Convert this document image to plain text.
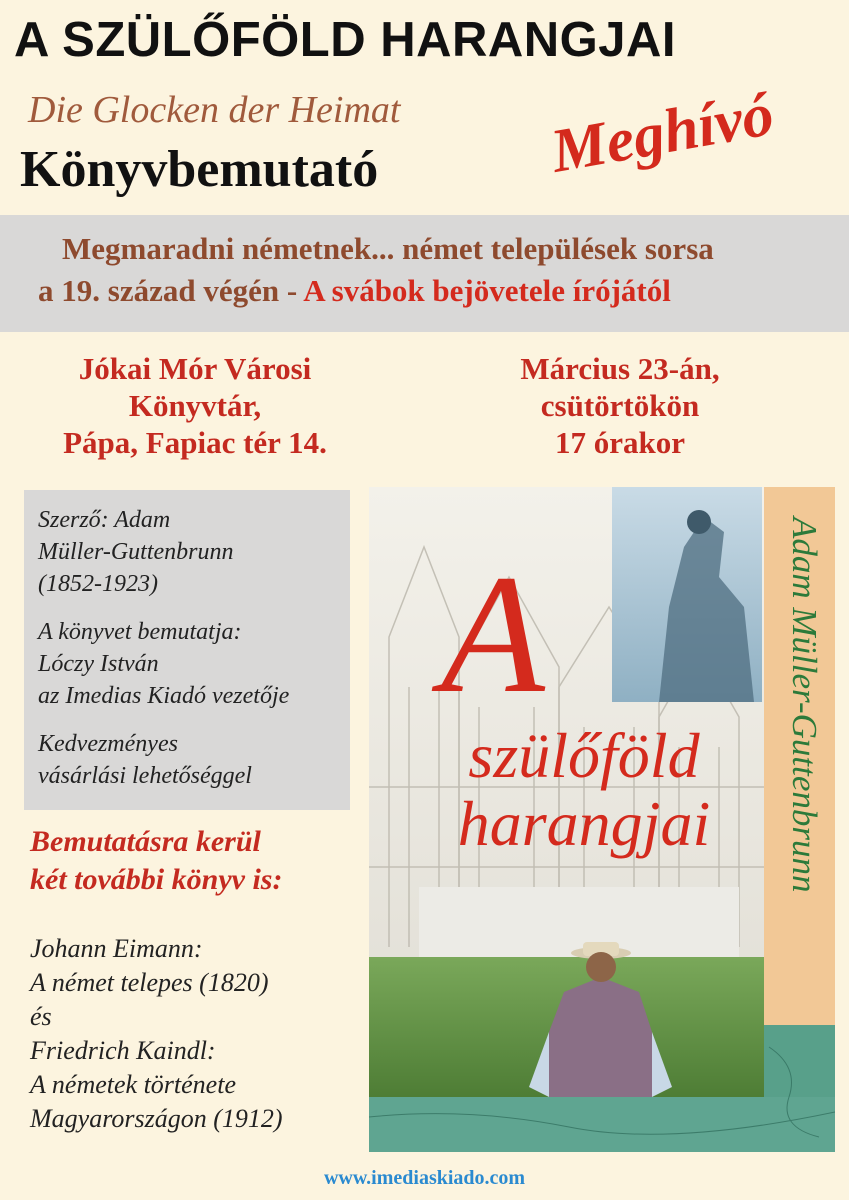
A SZÜLŐFÖLD HARANGJAI
Die Glocken der Heimat
Könyvbemutató	Meghívó
Megmaradni németnek... német települések sorsa
a 19. század végén - A svábok bejövetele írójától
Jókai Mór Városi
Könyvtár,
Pápa, Fapiac tér 14.
Március 23-án,
csütörtökön
17 órakor
Szerző: Adam
Müller-Guttenbrunn
(1852-1923)
A könyvet bemutatja:
Lóczy István
az Imedias Kiadó vezetője
Kedvezményes
vásárlási lehetőséggel
Bemutatásra kerül
két további könyv is:
Johann Eimann:
A német telepes (1820)
és
Friedrich Kaindl:
A németek története
Magyarországon (1912)
Adam Müller-Guttenbrunn
A
szülőföld
harangjai
www.imediaskiado.com
